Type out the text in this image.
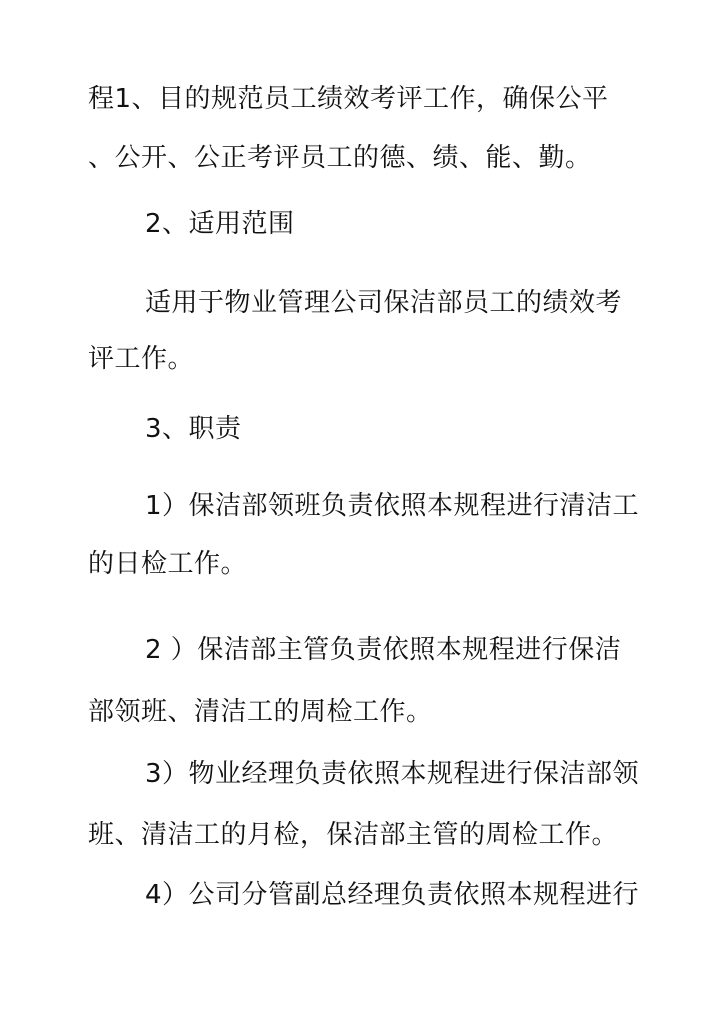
程1、目的规范员工绩效考评工作，确保公平
、公开、公正考评员工的德、绩、能、勤。
2、适用范围
适用于物业管理公司保洁部员工的绩效考
评工作。
3、职责
1）保洁部领班负责依照本规程进行清洁工
的日检工作。
2 ）保洁部主管负责依照本规程进行保洁
部领班、清洁工的周检工作。
3）物业经理负责依照本规程进行保洁部领
班、清洁工的月检，保洁部主管的周检工作。
4）公司分管副总经理负责依照本规程进行
